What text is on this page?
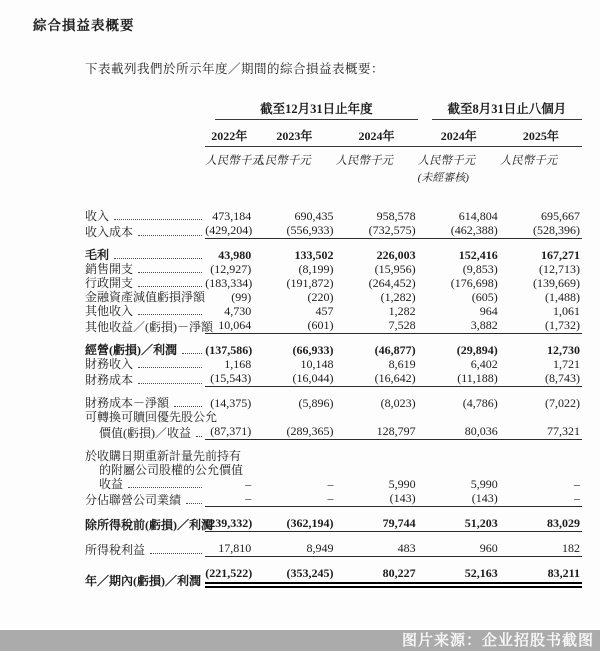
綜合損益表概要

下表載列我們於所示年度／期間的綜合損益表概要：

	截至12月31日止年度			截至8月31日止八個月	

	2022年	2023年	2024年	2024年	2025年

	人民幣千元	人民幣千元	人民幣千元	人民幣千元	人民幣千元

				(未經審核)	

收入	473,184	690,435	958,578	614,804	695,667

收入成本	(429,204)	(556,933)	(732,575)	(462,388)	(528,396)

毛利	43,980	133,502	226,003	152,416	167,271

銷售開支	(12,927)	(8,199)	(15,956)	(9,853)	(12,713)

行政開支	(183,334)	(191,872)	(264,452)	(176,698)	(139,669)

金融資產減值虧損淨額	(99)	(220)	(1,282)	(605)	(1,488)

其他收入	4,730	457	1,282	964	1,061

其他收益／(虧損)－淨額	10,064	(601)	7,528	3,882	(1,732)

經營(虧損)／利潤	(137,586)	(66,933)	(46,877)	(29,894)	12,730

財務收入	1,168	10,148	8,619	6,402	1,721

財務成本	(15,543)	(16,044)	(16,642)	(11,188)	(8,743)

財務成本－淨額	(14,375)	(5,896)	(8,023)	(4,786)	(7,022)

可轉換可贖回優先股公允					

價值(虧損)／收益	(87,371)	(289,365)	128,797	80,036	77,321

於收購日期重新計量先前持有					
的附屬公司股權的公允價值					

收益	–	–	5,990	5,990	–

分佔聯營公司業績	–	–	(143)	(143)	–

除所得稅前(虧損)／利潤	(239,332)	(362,194)	79,744	51,203	83,029

所得稅利益	17,810	8,949	483	960	182

年／期內(虧損)／利潤	(221,522)	(353,245)	80,227	52,163	83,211
图片来源：企业招股书截图
